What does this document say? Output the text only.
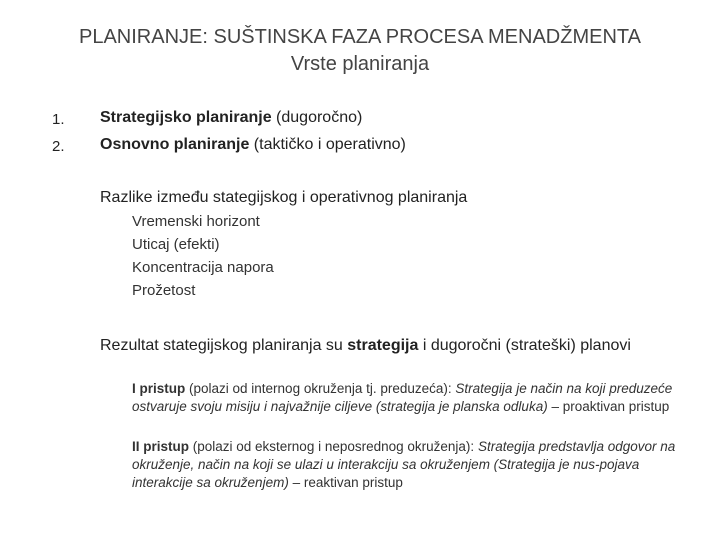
PLANIRANJE: SUŠTINSKA FAZA PROCESA MENADŽMENTA
Vrste planiranja
1. Strategijsko planiranje (dugoročno)
2. Osnovno planiranje (taktičko i operativno)
Razlike između stategijskog i operativnog planiranja
Vremenski horizont
Uticaj (efekti)
Koncentracija napora
Prožetost
Rezultat stategijskog planiranja su strategija i dugoročni (strateški) planovi
I pristup (polazi od internog okruženja tj. preduzeća): Strategija je način na koji preduzeće ostvaruje svoju misiju i najvažnije ciljeve (strategija je planska odluka) – proaktivan pristup
II pristup (polazi od eksternog i neposrednog okruženja): Strategija predstavlja odgovor na okruženje, način na koji se ulazi u interakciju sa okruženjem (Strategija je nus-pojava interakcije sa okruženjem) – reaktivan pristup
